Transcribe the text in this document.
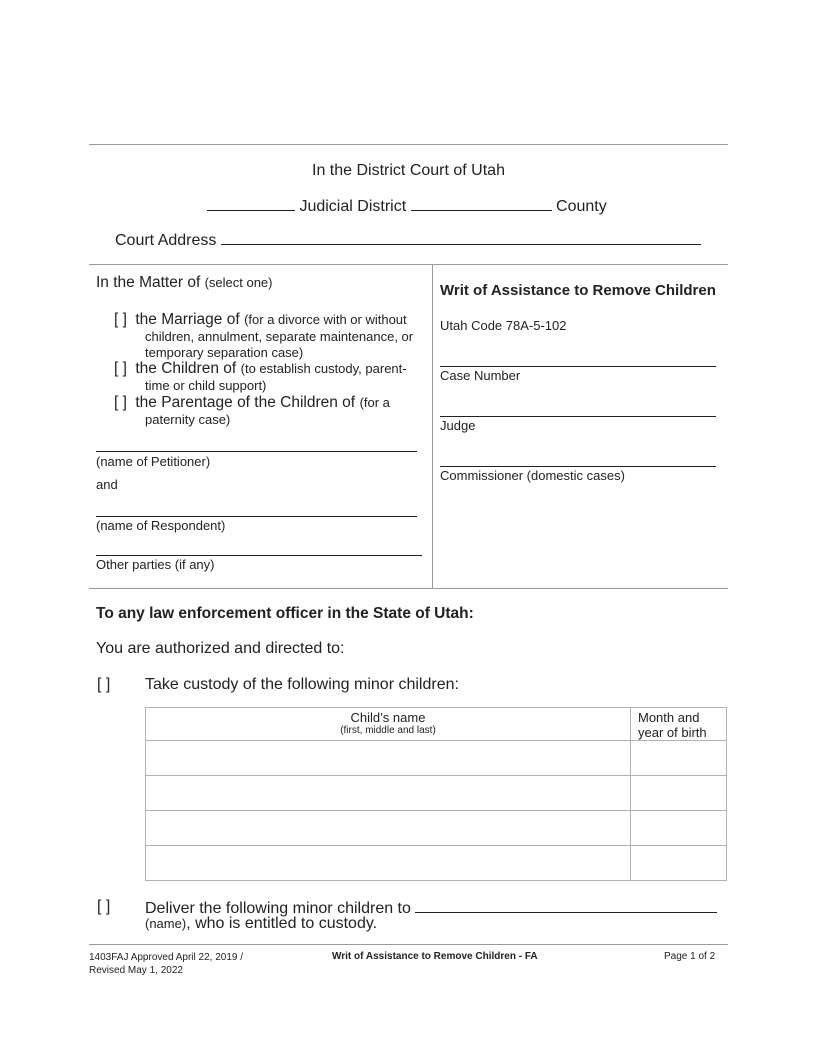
In the District Court of Utah
Judicial District	County
Court Address
In the Matter of (select one)
[ ] the Marriage of (for a divorce with or without
children, annulment, separate maintenance, or temporary separation case)
[ ] the Children of (to establish custody, parent-
time or child support)
[ ] the Parentage of the Children of (for a
paternity case)
(name of Petitioner)
and
(name of Respondent)
Other parties (if any)
Writ of Assistance to Remove Children
Utah Code 78A-5-102
Case Number
Judge
Commissioner (domestic cases)
To any law enforcement officer in the State of Utah:
You are authorized and directed to:
[ ] Take custody of the following minor children:
Child’s name
(first, middle and last)	Month and year of birth

[ ] Deliver the following minor children to
(name), who is entitled to custody.
1403FAJ Approved April 22, 2019 /
Revised May 1, 2022
Writ of Assistance to Remove Children - FA	Page 1 of 2
